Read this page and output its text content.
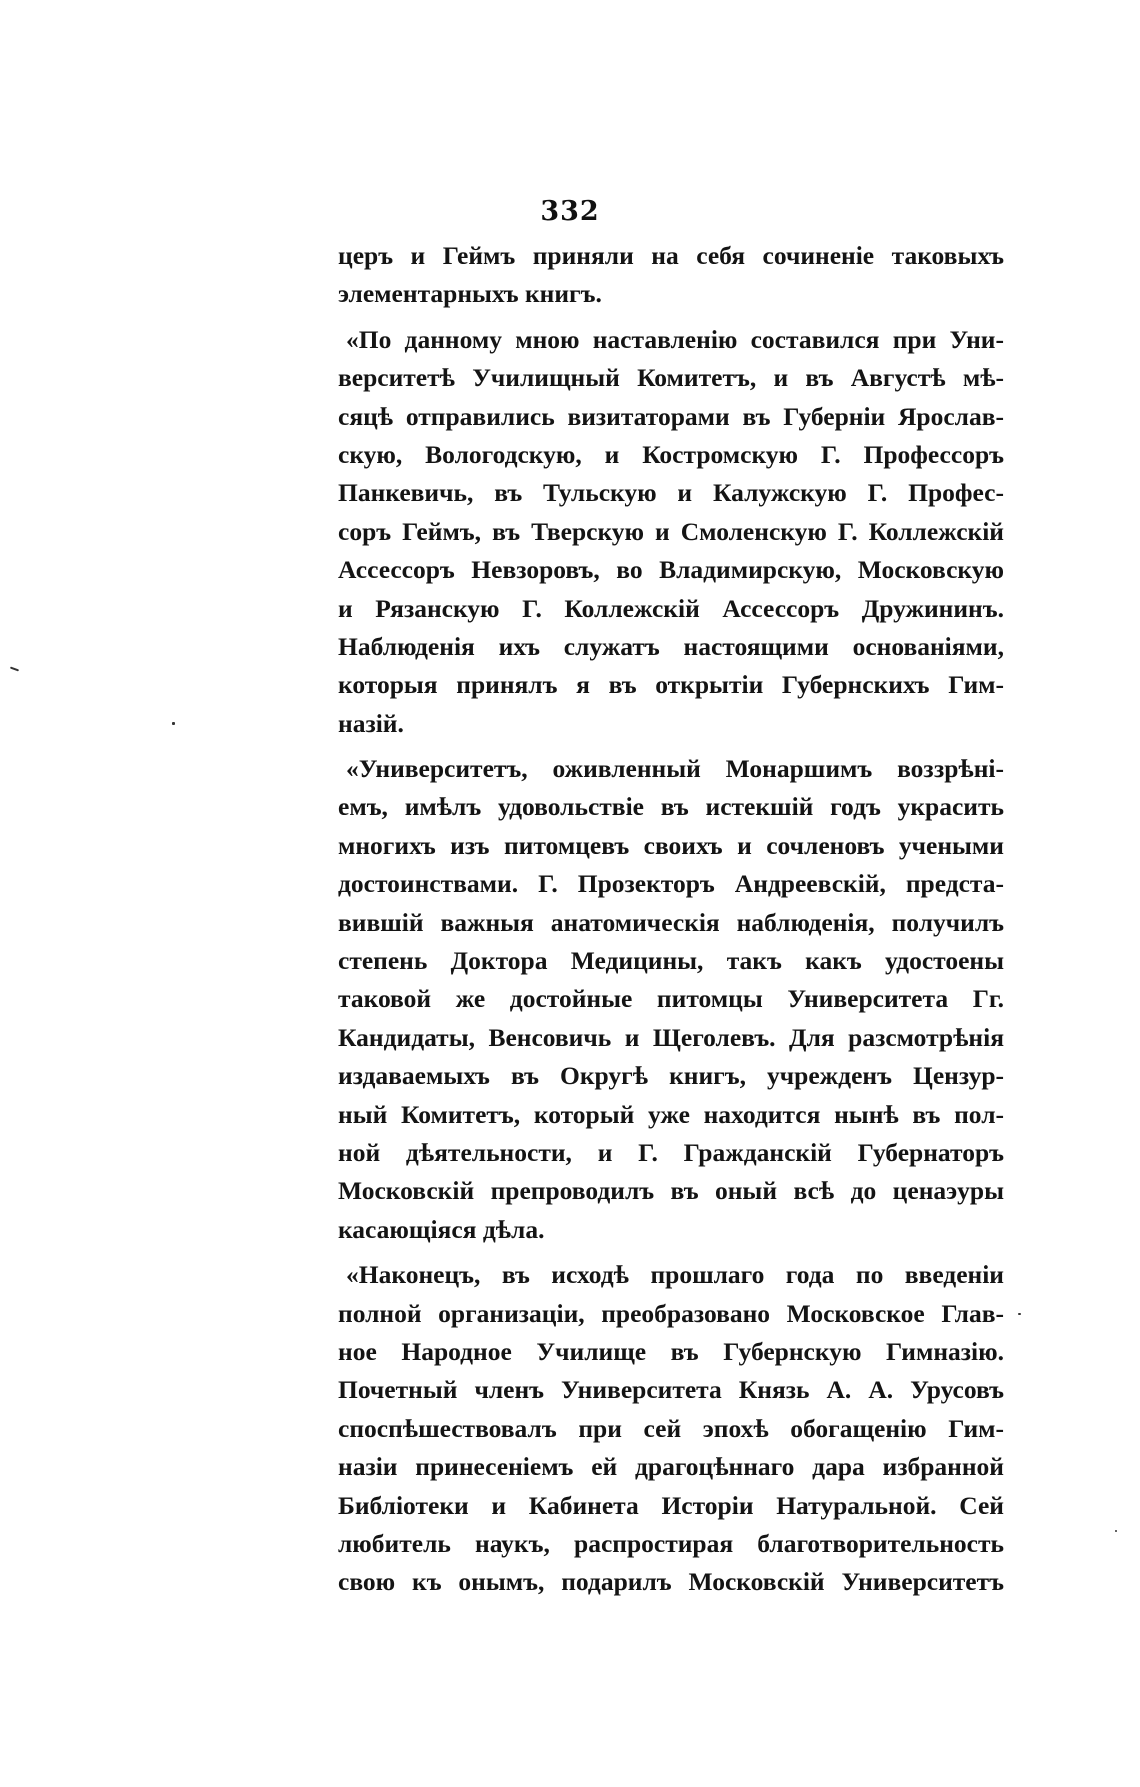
332
церъ и Геймъ приняли на себя сочиненіе таковыхъ
элементарныхъ книгъ.
«По данному мною наставленію составился при Уни-
верситетѣ Училищный Комитетъ, и въ Августѣ мѣ-
сяцѣ отправились визитаторами въ Губерніи Ярослав-
скую, Вологодскую, и Костромскую Г. Профессоръ
Панкевичь, въ Тульскую и Калужскую Г. Профес-
соръ Геймъ, въ Тверскую и Смоленскую Г. Коллежскій
Ассессоръ Невзоровъ, во Владимирскую, Московскую
и Рязанскую Г. Коллежскій Ассессоръ Дружининъ.
Наблюденія ихъ служатъ настоящими основаніями,
которыя принялъ я въ открытіи Губернскихъ Гим-
назій.
«Университетъ, оживленный Монаршимъ воззрѣні-
емъ, имѣлъ удовольствіе въ истекшій годъ украсить
многихъ изъ питомцевъ своихъ и сочленовъ учеными
достоинствами. Г. Прозекторъ Андреевскій, предста-
вившій важныя анатомическія наблюденія, получилъ
степень Доктора Медицины, такъ какъ удостоены
таковой же достойные питомцы Университета Гг.
Кандидаты, Венсовичь и Щеголевъ. Для разсмотрѣнія
издаваемыхъ въ Округѣ книгъ, учрежденъ Цензур-
ный Комитетъ, который уже находится нынѣ въ пол-
ной дѣятельности, и Г. Гражданскій Губернаторъ
Московскій препроводилъ въ оный всѣ до ценаэуры
касающіяся дѣла.
«Наконецъ, въ исходѣ прошлаго года по введеніи
полной организаціи, преобразовано Московское Глав-
ное Народное Училище въ Губернскую Гимназію.
Почетный членъ Университета Князь А. А. Урусовъ
споспѣшествовалъ при сей эпохѣ обогащенію Гим-
назіи принесеніемъ ей драгоцѣннаго дара избранной
Библіотеки и Кабинета Исторіи Натуральной. Сей
любитель наукъ, распростирая благотворительность
свою къ онымъ, подарилъ Московскій Университетъ
